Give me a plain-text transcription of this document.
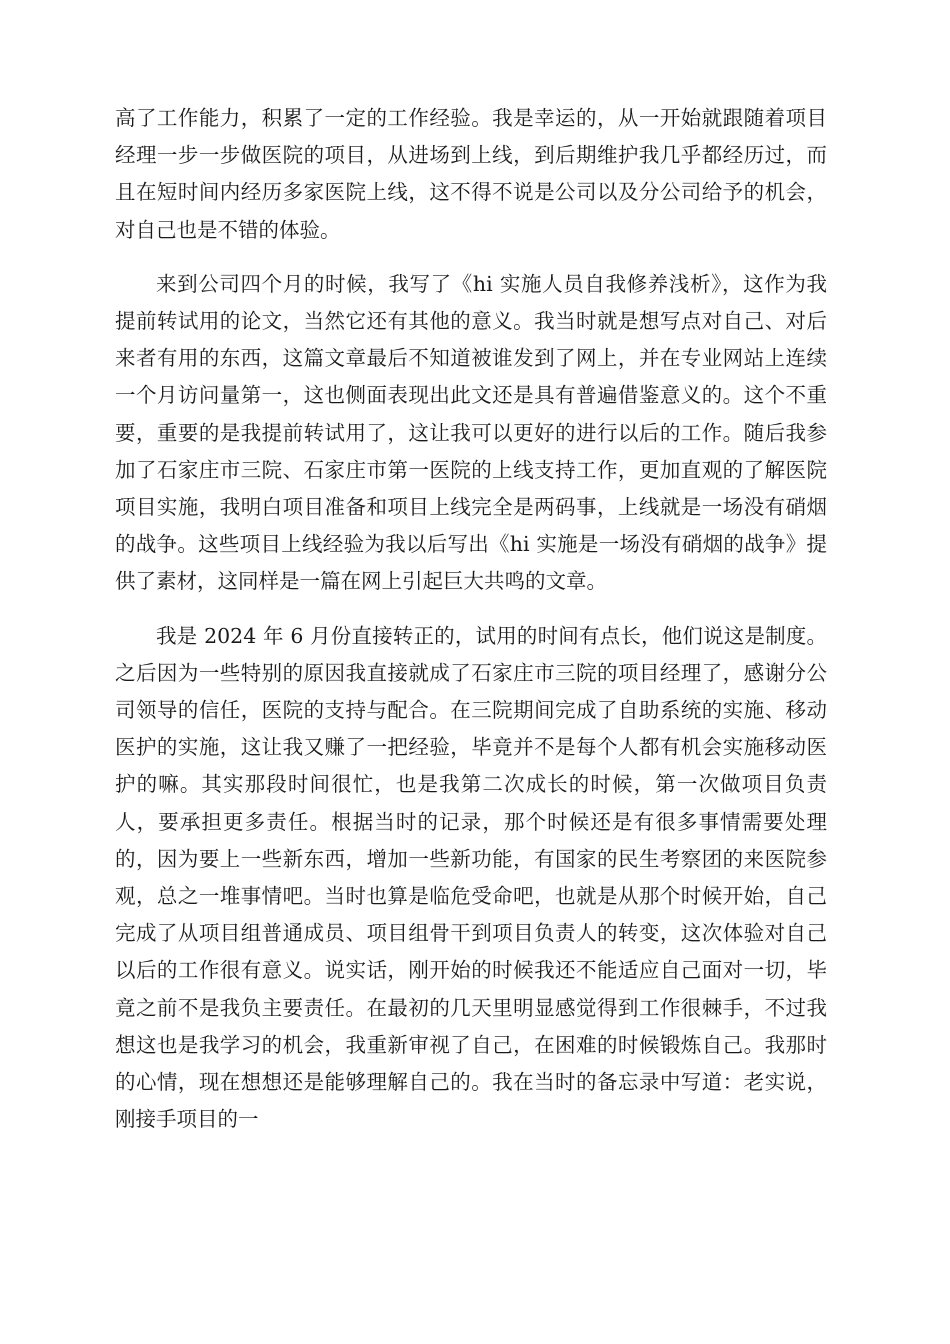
高了工作能力，积累了一定的工作经验。我是幸运的，从一开始就跟随着项目经理一步一步做医院的项目，从进场到上线，到后期维护我几乎都经历过，而且在短时间内经历多家医院上线，这不得不说是公司以及分公司给予的机会，对自己也是不错的体验。

来到公司四个月的时候，我写了《hi 实施人员自我修养浅析》，这作为我提前转试用的论文，当然它还有其他的意义。我当时就是想写点对自己、对后来者有用的东西，这篇文章最后不知道被谁发到了网上，并在专业网站上连续一个月访问量第一，这也侧面表现出此文还是具有普遍借鉴意义的。这个不重要，重要的是我提前转试用了，这让我可以更好的进行以后的工作。随后我参加了石家庄市三院、石家庄市第一医院的上线支持工作，更加直观的了解医院项目实施，我明白项目准备和项目上线完全是两码事，上线就是一场没有硝烟的战争。这些项目上线经验为我以后写出《hi 实施是一场没有硝烟的战争》提供了素材，这同样是一篇在网上引起巨大共鸣的文章。

我是 2024 年 6 月份直接转正的，试用的时间有点长，他们说这是制度。之后因为一些特别的原因我直接就成了石家庄市三院的项目经理了，感谢分公司领导的信任，医院的支持与配合。在三院期间完成了自助系统的实施、移动医护的实施，这让我又赚了一把经验，毕竟并不是每个人都有机会实施移动医护的嘛。其实那段时间很忙，也是我第二次成长的时候，第一次做项目负责人，要承担更多责任。根据当时的记录，那个时候还是有很多事情需要处理的，因为要上一些新东西，增加一些新功能，有国家的民生考察团的来医院参观，总之一堆事情吧。当时也算是临危受命吧，也就是从那个时候开始，自己完成了从项目组普通成员、项目组骨干到项目负责人的转变，这次体验对自己以后的工作很有意义。说实话，刚开始的时候我还不能适应自己面对一切，毕竟之前不是我负主要责任。在最初的几天里明显感觉得到工作很棘手，不过我想这也是我学习的机会，我重新审视了自己，在困难的时候锻炼自己。我那时的心情，现在想想还是能够理解自己的。我在当时的备忘录中写道：老实说，刚接手项目的一
